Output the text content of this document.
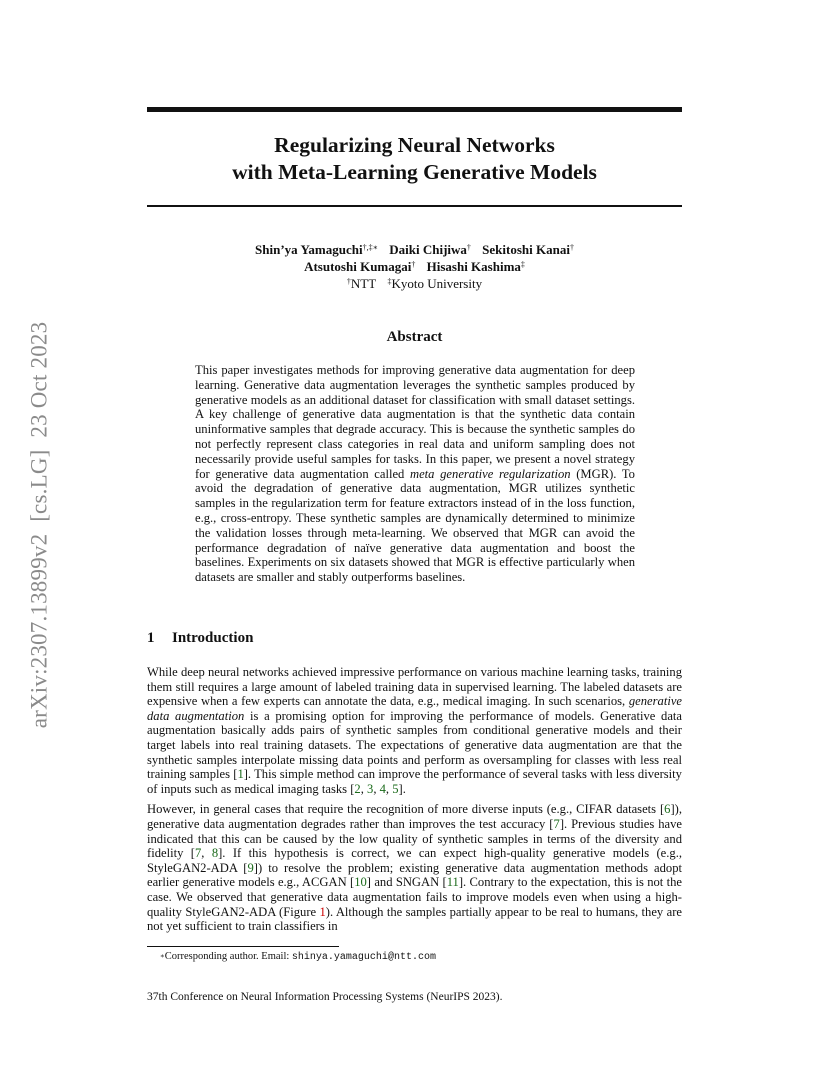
arXiv:2307.13899v2  [cs.LG]  23 Oct 2023
Regularizing Neural Networks
with Meta-Learning Generative Models
Shin’ya Yamaguchi†,‡∗ Daiki Chijiwa† Sekitoshi Kanai†
Atsutoshi Kumagai† Hisashi Kashima‡
†NTT ‡Kyoto University
Abstract
This paper investigates methods for improving generative data augmentation for deep learning. Generative data augmentation leverages the synthetic samples produced by generative models as an additional dataset for classification with small dataset settings. A key challenge of generative data augmentation is that the synthetic data contain uninformative samples that degrade accuracy. This is because the synthetic samples do not perfectly represent class categories in real data and uniform sampling does not necessarily provide useful samples for tasks. In this paper, we present a novel strategy for generative data augmentation called meta generative regularization (MGR). To avoid the degradation of generative data augmentation, MGR utilizes synthetic samples in the regularization term for feature extractors instead of in the loss function, e.g., cross-entropy. These synthetic samples are dynamically determined to minimize the validation losses through meta-learning. We observed that MGR can avoid the performance degradation of naïve generative data augmentation and boost the baselines. Experiments on six datasets showed that MGR is effective particularly when datasets are smaller and stably outperforms baselines.
1 Introduction

While deep neural networks achieved impressive performance on various machine learning tasks, training them still requires a large amount of labeled training data in supervised learning. The labeled datasets are expensive when a few experts can annotate the data, e.g., medical imaging. In such scenarios, generative data augmentation is a promising option for improving the performance of models. Generative data augmentation basically adds pairs of synthetic samples from conditional generative models and their target labels into real training datasets. The expectations of generative data augmentation are that the synthetic samples interpolate missing data points and perform as oversampling for classes with less real training samples [1]. This simple method can improve the performance of several tasks with less diversity of inputs such as medical imaging tasks [2, 3, 4, 5].

However, in general cases that require the recognition of more diverse inputs (e.g., CIFAR datasets [6]), generative data augmentation degrades rather than improves the test accuracy [7]. Previous studies have indicated that this can be caused by the low quality of synthetic samples in terms of the diversity and fidelity [7, 8]. If this hypothesis is correct, we can expect high-quality generative models (e.g., StyleGAN2-ADA [9]) to resolve the problem; existing generative data augmentation methods adopt earlier generative models e.g., ACGAN [10] and SNGAN [11]. Contrary to the expectation, this is not the case. We observed that generative data augmentation fails to improve models even when using a high-quality StyleGAN2-ADA (Figure 1). Although the samples partially appear to be real to humans, they are not yet sufficient to train classifiers in

∗Corresponding author. Email: shinya.yamaguchi@ntt.com
37th Conference on Neural Information Processing Systems (NeurIPS 2023).
